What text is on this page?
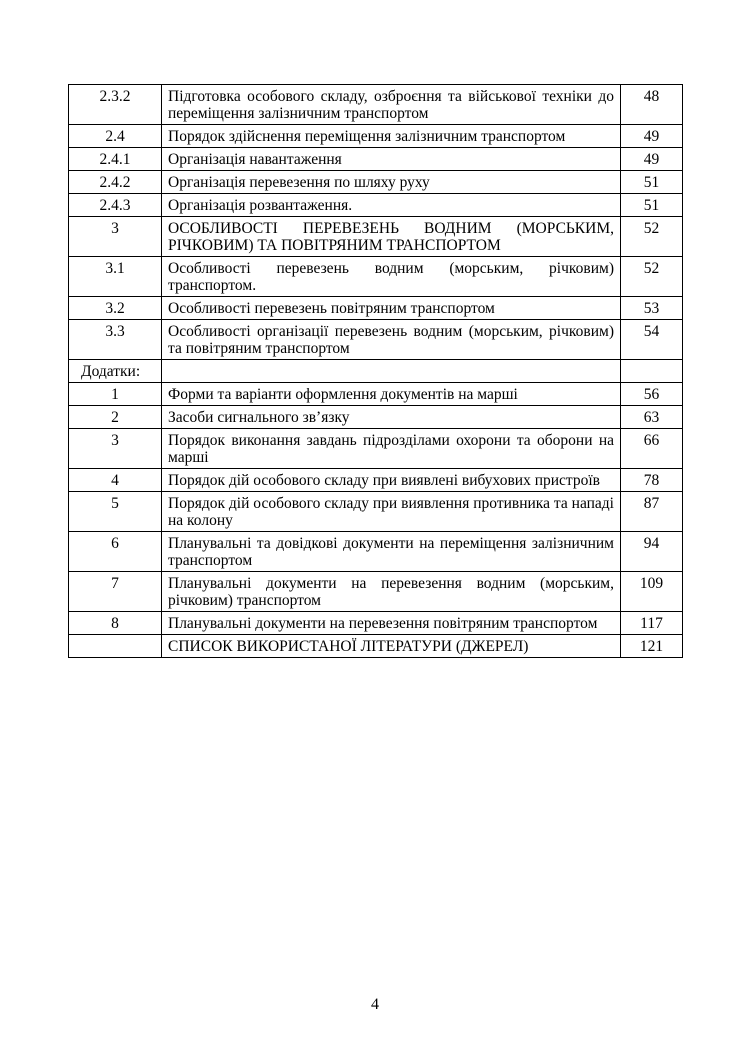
2.3.2	Підготовка особового складу, озброєння та військової техніки до переміщення залізничним транспортом	48
2.4	Порядок здійснення переміщення залізничним транспортом	49
2.4.1	Організація навантаження	49
2.4.2	Організація перевезення по шляху руху	51
2.4.3	Організація розвантаження.	51
3	ОСОБЛИВОСТІ ПЕРЕВЕЗЕНЬ ВОДНИМ (МОРСЬКИМ, РІЧКОВИМ) ТА ПОВІТРЯНИМ ТРАНСПОРТОМ	52
3.1	Особливості перевезень водним (морським, річковим) транспортом.	52
3.2	Особливості перевезень повітряним транспортом	53
3.3	Особливості організації перевезень водним (морським, річковим) та повітряним транспортом	54
Додатки:		
1	Форми та варіанти оформлення документів на марші	56
2	Засоби сигнального зв’язку	63
3	Порядок виконання завдань підрозділами охорони та оборони на марші	66
4	Порядок дій особового складу при виявлені вибухових пристроїв	78
5	Порядок дій особового складу при виявлення противника та нападі на колону	87
6	Планувальні та довідкові документи на переміщення залізничним транспортом	94
7	Планувальні документи на перевезення водним (морським, річковим) транспортом	109
8	Планувальні документи на перевезення повітряним транспортом	117
	СПИСОК ВИКОРИСТАНОЇ ЛІТЕРАТУРИ (ДЖЕРЕЛ)	121
4
